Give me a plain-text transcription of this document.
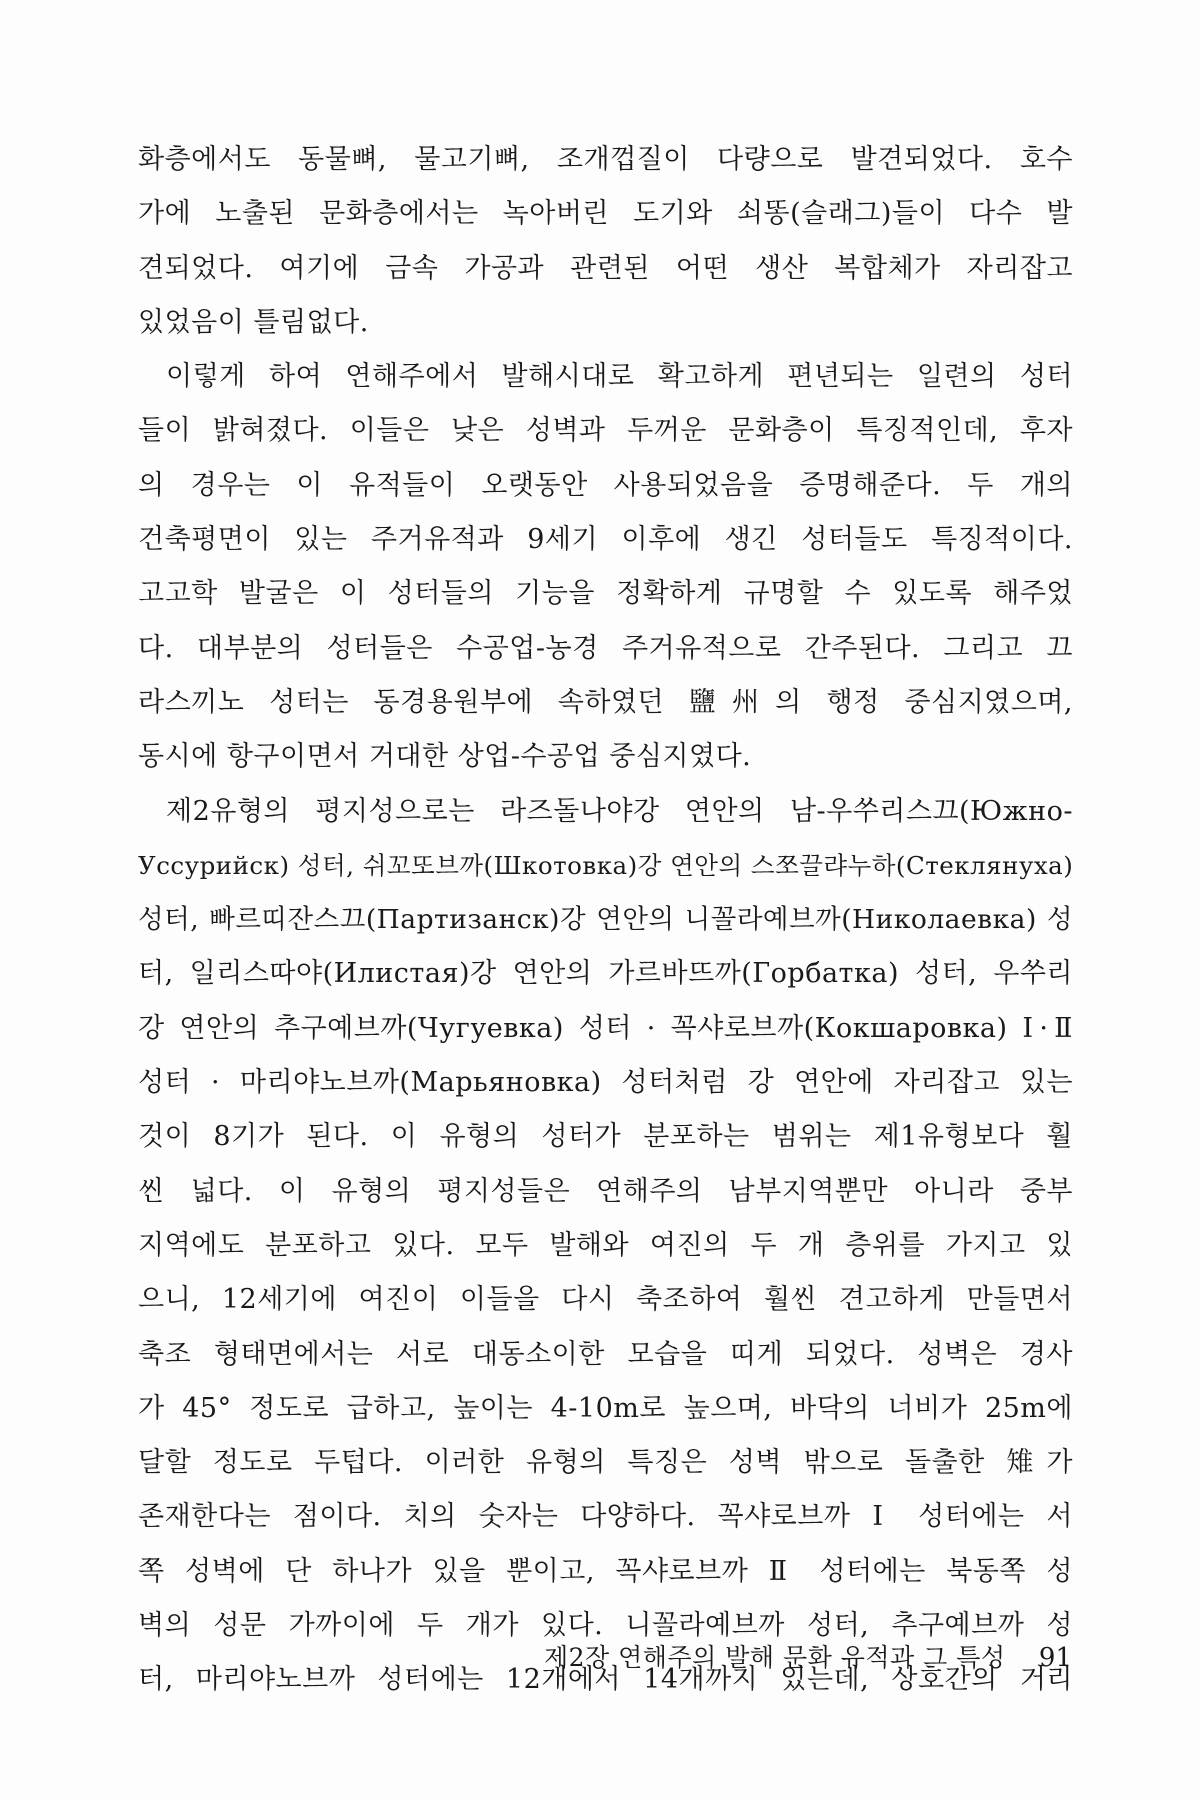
화층에서도 동물뼈, 물고기뼈, 조개껍질이 다량으로 발견되었다. 호수
가에 노출된 문화층에서는 녹아버린 도기와 쇠똥(슬래그)들이 다수 발
견되었다. 여기에 금속 가공과 관련된 어떤 생산 복합체가 자리잡고
있었음이 틀림없다.
이렇게 하여 연해주에서 발해시대로 확고하게 편년되는 일련의 성터
들이 밝혀졌다. 이들은 낮은 성벽과 두꺼운 문화층이 특징적인데, 후자
의 경우는 이 유적들이 오랫동안 사용되었음을 증명해준다. 두 개의
건축평면이 있는 주거유적과 9세기 이후에 생긴 성터들도 특징적이다.
고고학 발굴은 이 성터들의 기능을 정확하게 규명할 수 있도록 해주었
다. 대부분의 성터들은 수공업-농경 주거유적으로 간주된다. 그리고 끄
라스끼노 성터는 동경용원부에 속하였던 鹽州의 행정 중심지였으며,
동시에 항구이면서 거대한 상업-수공업 중심지였다.
제2유형의 평지성으로는 라즈돌나야강 연안의 남-우쑤리스끄(Южно-
Уссурийск) 성터, 쉬꼬또브까(Шкотовка)강 연안의 스쪼끌랴누하(Стеклянуха)
성터, 빠르띠잔스끄(Партизанск)강 연안의 니꼴라예브까(Николаевка) 성
터, 일리스따야(Илистая)강 연안의 가르바뜨까(Горбатка) 성터, 우쑤리
강 연안의 추구예브까(Чугуевка) 성터 · 꼭샤로브까(Кокшаровка) Ⅰ·Ⅱ
성터 · 마리야노브까(Марьяновка) 성터처럼 강 연안에 자리잡고 있는
것이 8기가 된다. 이 유형의 성터가 분포하는 범위는 제1유형보다 훨
씬 넓다. 이 유형의 평지성들은 연해주의 남부지역뿐만 아니라 중부
지역에도 분포하고 있다. 모두 발해와 여진의 두 개 층위를 가지고 있
으니, 12세기에 여진이 이들을 다시 축조하여 훨씬 견고하게 만들면서
축조 형태면에서는 서로 대동소이한 모습을 띠게 되었다. 성벽은 경사
가 45° 정도로 급하고, 높이는 4-10m로 높으며, 바닥의 너비가 25m에
달할 정도로 두텁다. 이러한 유형의 특징은 성벽 밖으로 돌출한 雉가
존재한다는 점이다. 치의 숫자는 다양하다. 꼭샤로브까 Ⅰ 성터에는 서
쪽 성벽에 단 하나가 있을 뿐이고, 꼭샤로브까 Ⅱ 성터에는 북동쪽 성
벽의 성문 가까이에 두 개가 있다. 니꼴라예브까 성터, 추구예브까 성
터, 마리야노브까 성터에는 12개에서 14개까지 있는데, 상호간의 거리
제2장 연해주의 발해 문화 유적과 그 특성 91
